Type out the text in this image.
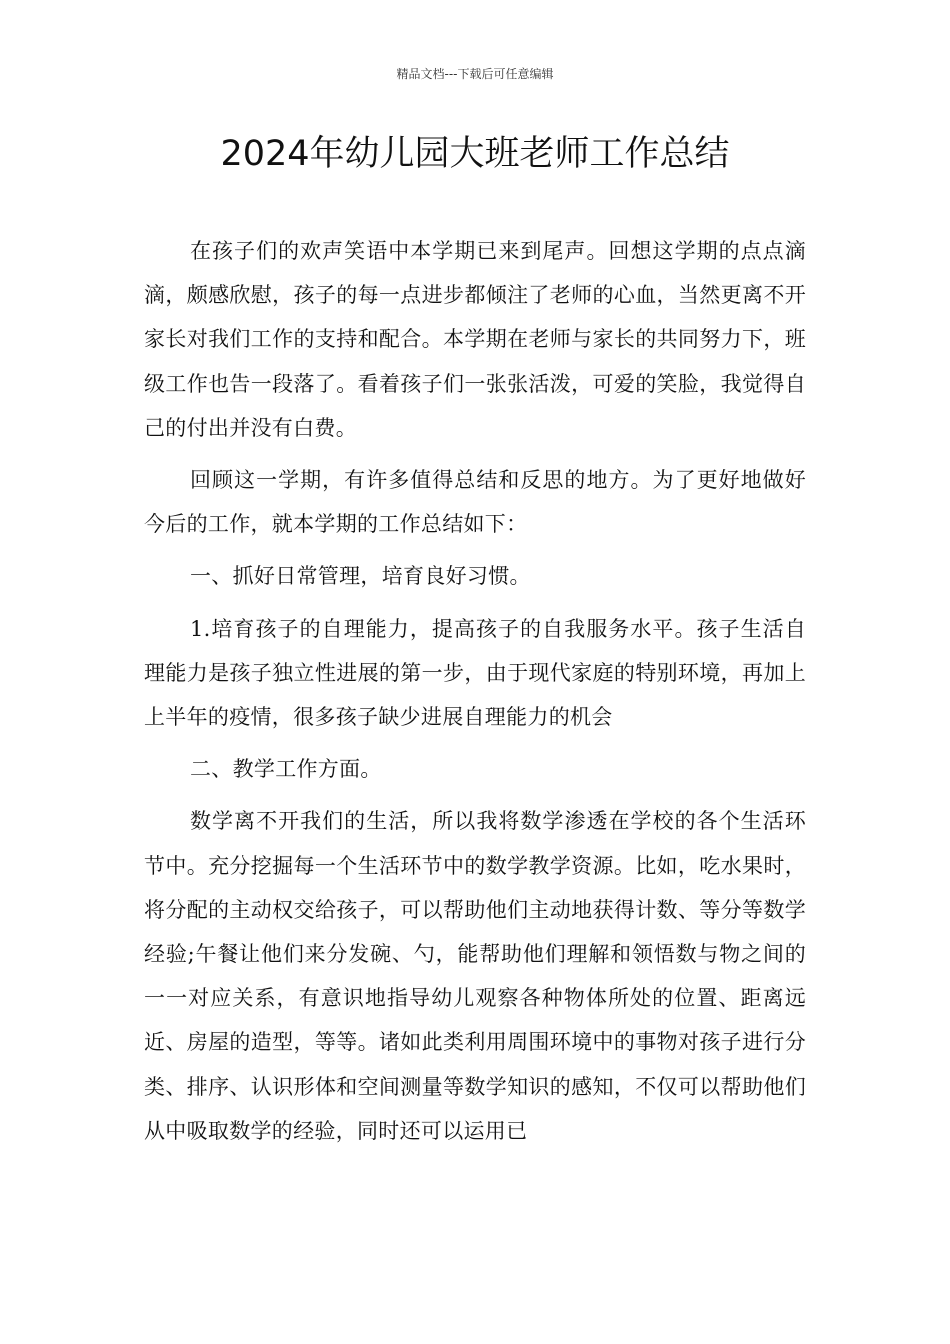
精品文档---下载后可任意编辑
2024年幼儿园大班老师工作总结

在孩子们的欢声笑语中本学期已来到尾声。回想这学期的点点滴滴，颇感欣慰，孩子的每一点进步都倾注了老师的心血，当然更离不开家长对我们工作的支持和配合。本学期在老师与家长的共同努力下，班级工作也告一段落了。看着孩子们一张张活泼，可爱的笑脸，我觉得自己的付出并没有白费。

回顾这一学期，有许多值得总结和反思的地方。为了更好地做好今后的工作，就本学期的工作总结如下：

一、抓好日常管理，培育良好习惯。

1.培育孩子的自理能力，提高孩子的自我服务水平。孩子生活自理能力是孩子独立性进展的第一步，由于现代家庭的特别环境，再加上上半年的疫情，很多孩子缺少进展自理能力的机会

二、教学工作方面。

数学离不开我们的生活，所以我将数学渗透在学校的各个生活环节中。充分挖掘每一个生活环节中的数学教学资源。比如，吃水果时，将分配的主动权交给孩子，可以帮助他们主动地获得计数、等分等数学经验;午餐让他们来分发碗、勺，能帮助他们理解和领悟数与物之间的一一对应关系，有意识地指导幼儿观察各种物体所处的位置、距离远近、房屋的造型，等等。诸如此类利用周围环境中的事物对孩子进行分类、排序、认识形体和空间测量等数学知识的感知，不仅可以帮助他们从中吸取数学的经验，同时还可以运用已
